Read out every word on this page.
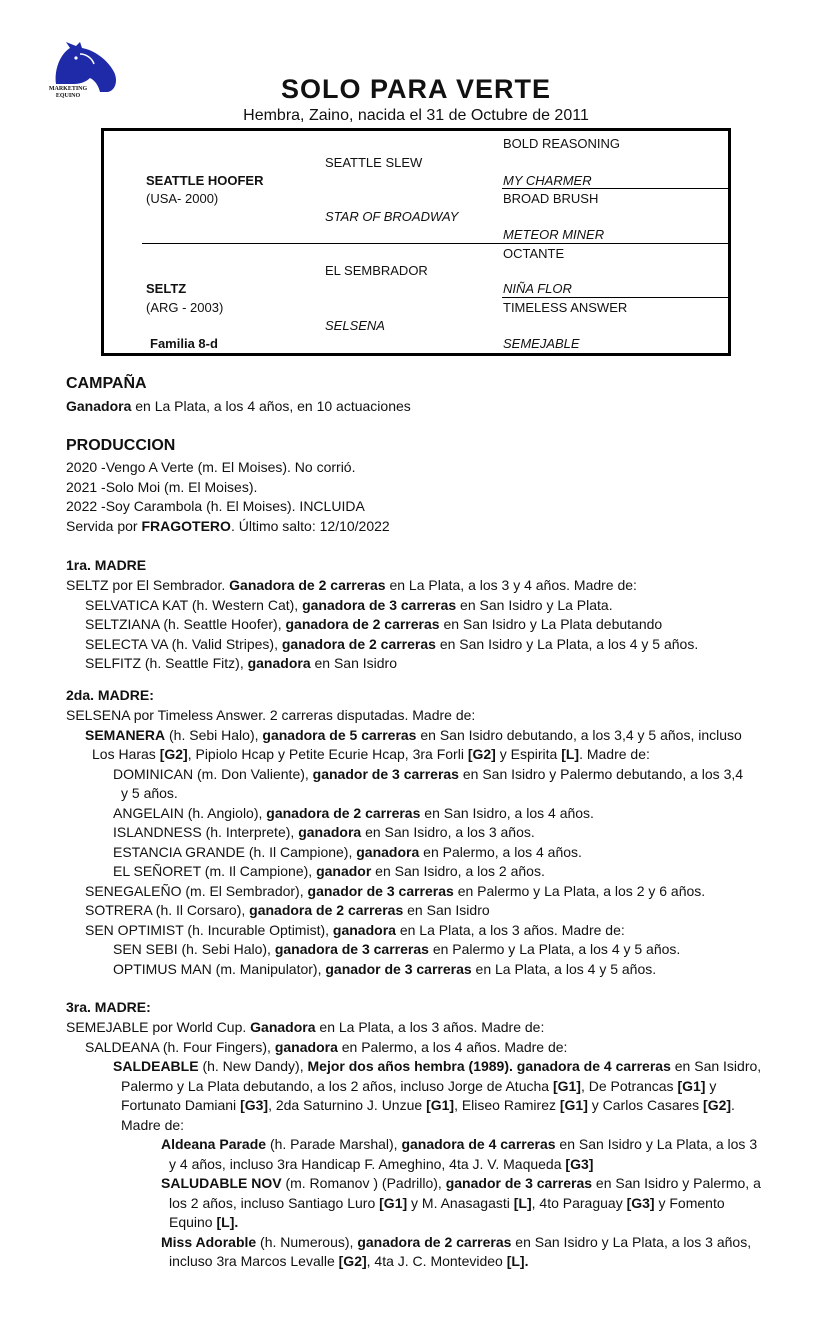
MARKETING
EQUINO	SOLO PARA VERTE
Hembra, Zaino, nacida el 31 de Octubre de 2011
SEATTLE HOOFER
(USA- 2000)
SELTZ
(ARG - 2003)
Familia 8-d
SEATTLE SLEW
STAR OF BROADWAY
EL SEMBRADOR
SELSENA
BOLD REASONING
MY CHARMER
BROAD BRUSH
METEOR MINER
OCTANTE
NIÑA FLOR
TIMELESS ANSWER
SEMEJABLE
CAMPAÑA
Ganadora en La Plata, a los 4 años, en 10 actuaciones
PRODUCCION
2020 -Vengo A Verte (m. El Moises). No corrió.
2021 -Solo Moi (m. El Moises).
2022 -Soy Carambola (h. El Moises). INCLUIDA
Servida por FRAGOTERO. Último salto: 12/10/2022
1ra. MADRE
SELTZ por El Sembrador. Ganadora de 2 carreras en La Plata, a los 3 y 4 años. Madre de:
SELVATICA KAT (h. Western Cat), ganadora de 3 carreras en San Isidro y La Plata.
SELTZIANA (h. Seattle Hoofer), ganadora de 2 carreras en San Isidro y La Plata debutando
SELECTA VA (h. Valid Stripes), ganadora de 2 carreras en San Isidro y La Plata, a los 4 y 5 años.
SELFITZ (h. Seattle Fitz), ganadora en San Isidro
2da. MADRE:
SELSENA por Timeless Answer. 2 carreras disputadas. Madre de:
SEMANERA (h. Sebi Halo), ganadora de 5 carreras en San Isidro debutando, a los 3,4 y 5 años, incluso
Los Haras [G2], Pipiolo Hcap y Petite Ecurie Hcap, 3ra Forli [G2] y Espirita [L]. Madre de:
DOMINICAN (m. Don Valiente), ganador de 3 carreras en San Isidro y Palermo debutando, a los 3,4
y 5 años.
ANGELAIN (h. Angiolo), ganadora de 2 carreras en San Isidro, a los 4 años.
ISLANDNESS (h. Interprete), ganadora en San Isidro, a los 3 años.
ESTANCIA GRANDE (h. Il Campione), ganadora en Palermo, a los 4 años.
EL SEÑORET (m. Il Campione), ganador en San Isidro, a los 2 años.
SENEGALEÑO (m. El Sembrador), ganador de 3 carreras en Palermo y La Plata, a los 2 y 6 años.
SOTRERA (h. Il Corsaro), ganadora de 2 carreras en San Isidro
SEN OPTIMIST (h. Incurable Optimist), ganadora en La Plata, a los 3 años. Madre de:
SEN SEBI (h. Sebi Halo), ganadora de 3 carreras en Palermo y La Plata, a los 4 y 5 años.
OPTIMUS MAN (m. Manipulator), ganador de 3 carreras en La Plata, a los 4 y 5 años.
3ra. MADRE:
SEMEJABLE por World Cup. Ganadora en La Plata, a los 3 años. Madre de:
SALDEANA (h. Four Fingers), ganadora en Palermo, a los 4 años. Madre de:
SALDEABLE (h. New Dandy), Mejor dos años hembra (1989). ganadora de 4 carreras en San Isidro,
Palermo y La Plata debutando, a los 2 años, incluso Jorge de Atucha [G1], De Potrancas [G1] y
Fortunato Damiani [G3], 2da Saturnino J. Unzue [G1], Eliseo Ramirez [G1] y Carlos Casares [G2].
Madre de:
Aldeana Parade (h. Parade Marshal), ganadora de 4 carreras en San Isidro y La Plata, a los 3
y 4 años, incluso 3ra Handicap F. Ameghino, 4ta J. V. Maqueda [G3]
SALUDABLE NOV (m. Romanov ) (Padrillo), ganador de 3 carreras en San Isidro y Palermo, a
los 2 años, incluso Santiago Luro [G1] y M. Anasagasti [L], 4to Paraguay [G3] y Fomento
Equino [L].
Miss Adorable (h. Numerous), ganadora de 2 carreras en San Isidro y La Plata, a los 3 años,
incluso 3ra Marcos Levalle [G2], 4ta J. C. Montevideo [L].
